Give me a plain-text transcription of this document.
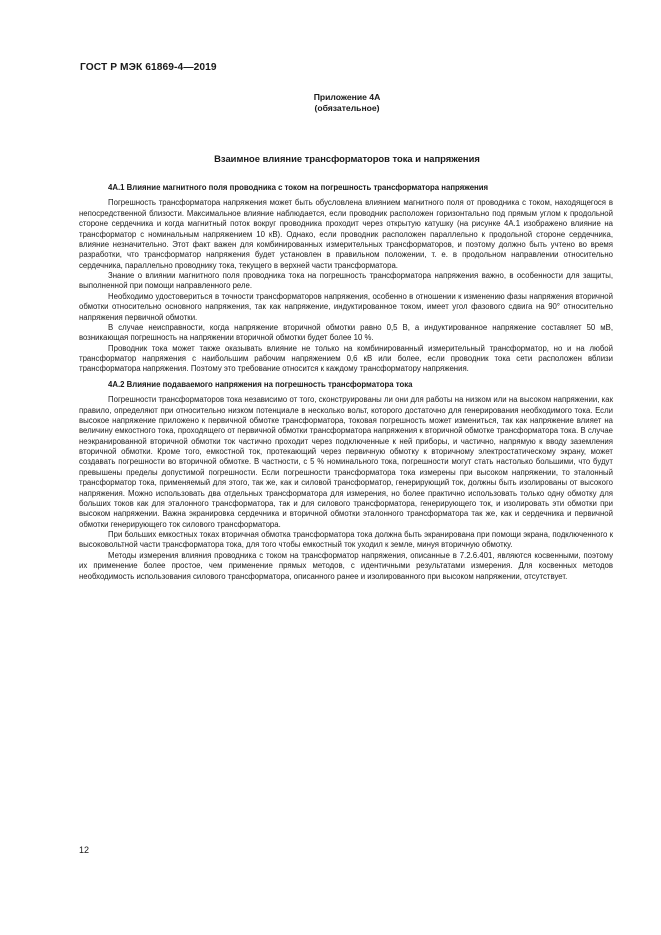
ГОСТ Р МЭК 61869-4—2019
Приложение 4А
(обязательное)
Взаимное влияние трансформаторов тока и напряжения
4А.1 Влияние магнитного поля проводника с током на погрешность трансформатора напряжения

Погрешность трансформатора напряжения может быть обусловлена влиянием магнитного поля от проводника с током, находящегося в непосредственной близости. Максимальное влияние наблюдается, если проводник расположен горизонтально под прямым углом к продольной стороне сердечника и когда магнитный поток вокруг проводника проходит через открытую катушку (на рисунке 4А.1 изображено влияние на трансформатор с номинальным напряжением 10 кВ). Однако, если проводник расположен параллельно к продольной стороне сердечника, влияние незначительно. Этот факт важен для комбинированных измерительных трансформаторов, и поэтому должно быть учтено во время разработки, что трансформатор напряжения будет установлен в правильном положении, т. е. в продольном направлении относительно сердечника, параллельно проводнику тока, текущего в верхней части трансформатора.

Знание о влиянии магнитного поля проводника тока на погрешность трансформатора напряжения важно, в особенности для защиты, выполненной при помощи направленного реле.

Необходимо удостовериться в точности трансформаторов напряжения, особенно в отношении к изменению фазы напряжения вторичной обмотки относительно основного напряжения, так как напряжение, индуктированное током, имеет угол фазового сдвига на 90° относительно напряжения первичной обмотки.

В случае неисправности, когда напряжение вторичной обмотки равно 0,5 В, а индуктированное напряжение составляет 50 мВ, возникающая погрешность на напряжении вторичной обмотки будет более 10 %.

Проводник тока может также оказывать влияние не только на комбинированный измерительный трансформатор, но и на любой трансформатор напряжения с наибольшим рабочим напряжением 0,6 кВ или более, если проводник тока сети расположен вблизи трансформатора напряжения. Поэтому это требование относится к каждому трансформатору напряжения.

4А.2 Влияние подаваемого напряжения на погрешность трансформатора тока

Погрешности трансформаторов тока независимо от того, сконструированы ли они для работы на низком или на высоком напряжении, как правило, определяют при относительно низком потенциале в несколько вольт, которого достаточно для генерирования необходимого тока. Если высокое напряжение приложено к первичной обмотке трансформатора, токовая погрешность может измениться, так как напряжение влияет на величину емкостного тока, проходящего от первичной обмотки трансформатора напряжения к вторичной обмотке трансформатора тока. В случае неэкранированной вторичной обмотки ток частично проходит через подключенные к ней приборы, и частично, напрямую к вводу заземления вторичной обмотки. Кроме того, емкостной ток, протекающий через первичную обмотку к вторичному электростатическому экрану, может создавать погрешности во вторичной обмотке. В частности, с 5 % номинального тока, погрешности могут стать настолько большими, что будут превышены пределы допустимой погрешности. Если погрешности трансформатора тока измерены при высоком напряжении, то эталонный трансформатор тока, применяемый для этого, так же, как и силовой трансформатор, генерирующий ток, должны быть изолированы от высокого напряжения. Можно использовать два отдельных трансформатора для измерения, но более практично использовать только одну обмотку для больших токов как для эталонного трансформатора, так и для силового трансформатора, генерирующего ток, и изолировать эти обмотки при высоком напряжении. Важна экранировка сердечника и вторичной обмотки эталонного трансформатора так же, как и сердечника и первичной обмотки генерирующего ток силового трансформатора.

При больших емкостных токах вторичная обмотка трансформатора тока должна быть экранирована при помощи экрана, подключенного к высоковольтной части трансформатора тока, для того чтобы емкостный ток уходил к земле, минуя вторичную обмотку.

Методы измерения влияния проводника с током на трансформатор напряжения, описанные в 7.2.6.401, являются косвенными, поэтому их применение более простое, чем применение прямых методов, с идентичными результатами измерения. Для косвенных методов необходимость использования силового трансформатора, описанного ранее и изолированного при высоком напряжении, отсутствует.

12
